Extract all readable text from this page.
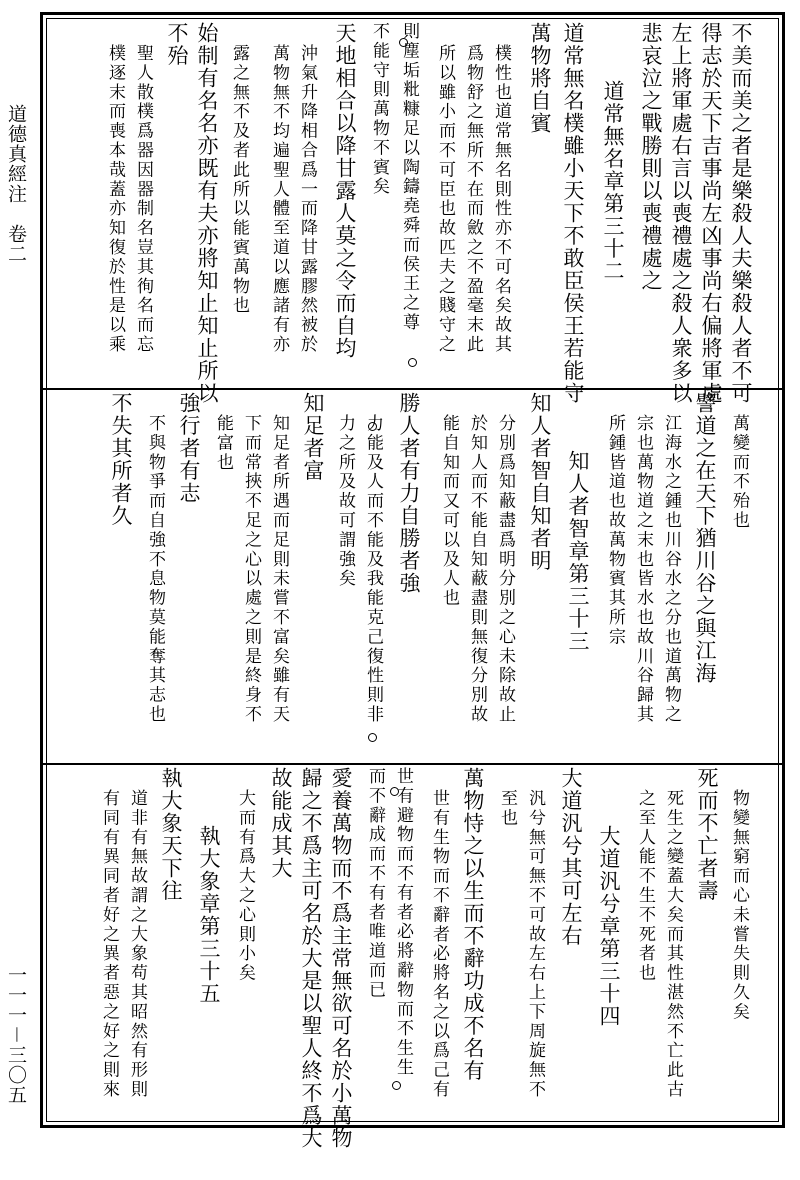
道德真經注　卷二
一一一－三〇五
不美而美之者是樂殺人夫樂殺人者不可
得志於天下吉事尚左凶事尚右偏將軍處
左上將軍處右言以喪禮處之殺人衆多以
悲哀泣之戰勝則以喪禮處之
道常無名章第三十二
道常無名樸雖小天下不敢臣侯王若能守
萬物將自賓
樸性也道常無名則性亦不可名矣故其
爲物舒之無所不在而斂之不盈毫末此
所以雖小而不可臣也故匹夫之賤守之
則塵垢粃糠足以陶鑄堯舜而侯王之尊
不能守則萬物不賓矣
天地相合以降甘露人莫之令而自均
沖氣升降相合爲一而降甘露膠然被於
萬物無不均遍聖人體至道以應諸有亦
露之無不及者此所以能賓萬物也
始制有名名亦既有夫亦將知止知止所以
不殆
聖人散樸爲器因器制名豈其徇名而忘
樸逐末而喪本哉蓋亦知復於性是以乘
萬變而不殆也
譬道之在天下猶川谷之與江海
江海水之鍾也川谷水之分也道萬物之
宗也萬物道之末也皆水也故川谷歸其
所鍾皆道也故萬物賓其所宗
知人者智章第三十三
知人者智自知者明
分別爲知蔽盡爲明分別之心未除故止
於知人而不能自知蔽盡則無復分別故
能自知而又可以及人也
勝人者有力自勝者強
力能及人而不能及我能克己復性則非
力之所及故可謂強矣
知足者富
知足者所遇而足則未嘗不富矣雖有天
下而常挾不足之心以處之則是終身不
能富也
強行者有志
不與物爭而自強不息物莫能奪其志也
不失其所者久
物變無窮而心未嘗失則久矣
死而不亡者壽
死生之變蓋大矣而其性湛然不亡此古
之至人能不生不死者也
大道汎兮章第三十四
大道汎兮其可左右
汎兮無可無不可故左右上下周旋無不
至也
萬物恃之以生而不辭功成不名有
世有生物而不辭者必將名之以爲己有
世有避物而不有者必將辭物而不生生
而不辭成而不有者唯道而已
愛養萬物而不爲主常無欲可名於小萬物
歸之不爲主可名於大是以聖人終不爲大
故能成其大
大而有爲大之心則小矣
執大象章第三十五
執大象天下往
道非有無故謂之大象苟其昭然有形則
有同有異同者好之異者惡之好之則來
